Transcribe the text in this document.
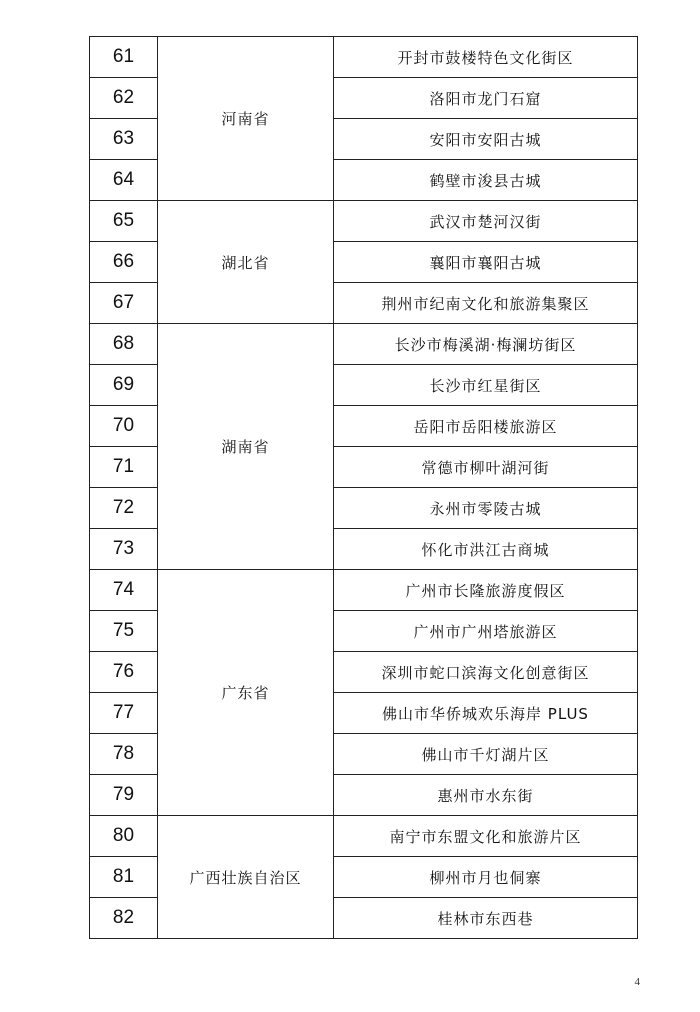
61	河南省	开封市鼓楼特色文化街区
62		洛阳市龙门石窟
63		安阳市安阳古城
64		鹤壁市浚县古城
65	湖北省	武汉市楚河汉街
66		襄阳市襄阳古城
67		荆州市纪南文化和旅游集聚区
68	湖南省	长沙市梅溪湖·梅澜坊街区
69		长沙市红星街区
70		岳阳市岳阳楼旅游区
71		常德市柳叶湖河街
72		永州市零陵古城
73		怀化市洪江古商城
74	广东省	广州市长隆旅游度假区
75		广州市广州塔旅游区
76		深圳市蛇口滨海文化创意街区
77		佛山市华侨城欢乐海岸 PLUS
78		佛山市千灯湖片区
79		惠州市水东街
80	广西壮族自治区	南宁市东盟文化和旅游片区
81		柳州市月也侗寨
82		桂林市东西巷
4
